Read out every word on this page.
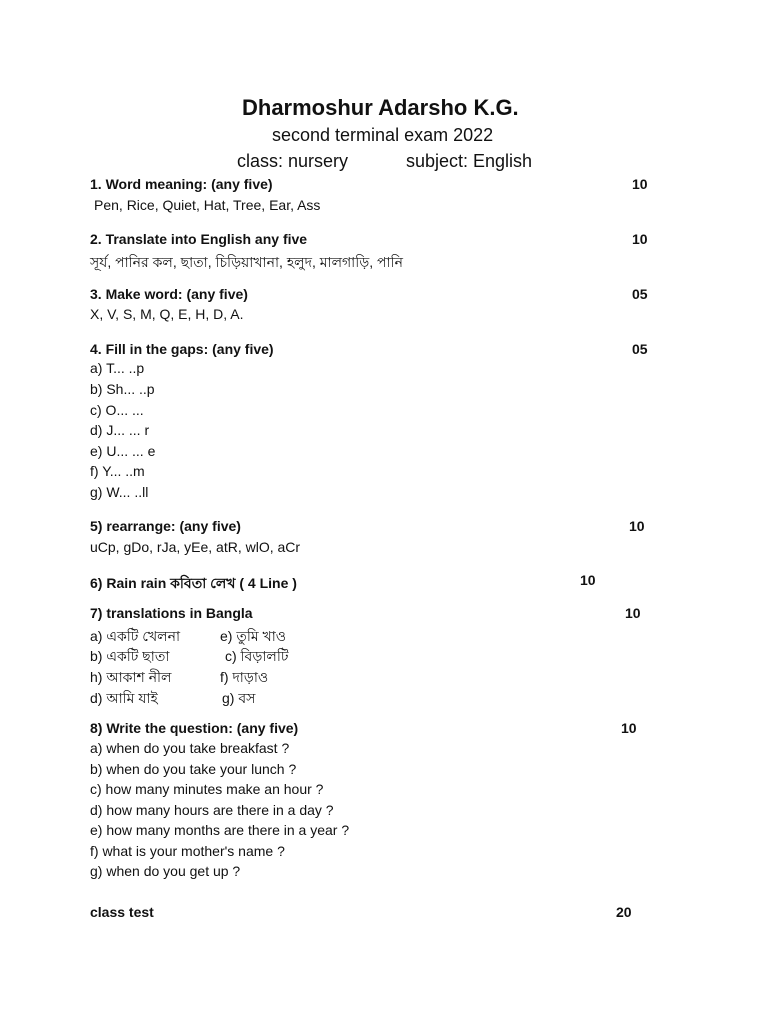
Dharmoshur Adarsho K.G.
second terminal exam 2022
class: nursery	subject: English
1. Word meaning: (any five)	10
Pen, Rice, Quiet, Hat, Tree, Ear, Ass
2. Translate into English any five	10
সূর্য, পানির কল, ছাতা, চিড়িয়াখানা, হলুদ, মালগাড়ি, পানি
3. Make word: (any five)	05
X, V, S, M, Q, E, H, D, A.
4. Fill in the gaps: (any five)	05
a) T... ..p
b) Sh... ..p
c) O... ...
d) J... ... r
e) U... ... e
f) Y... ..m
g) W... ..ll
5) rearrange: (any five)	10
uCp, gDo, rJa, yEe, atR, wlO, aCr
6) Rain rain কবিতা লেখ ( 4 Line )	10
7) translations in Bangla	10
a) একটি খেলনা	e) তুমি খাও
b) একটি ছাতা	c) বিড়ালটি
h) আকাশ নীল	f) দাড়াও
d) আমি যাই	g) বস
8) Write the question: (any five)	10
a) when do you take breakfast ?
b) when do you take your lunch ?
c) how many minutes make an hour ?
d) how many hours are there in a day ?
e) how many months are there in a year ?
f) what is your mother's name ?
g) when do you get up ?
class test	20
